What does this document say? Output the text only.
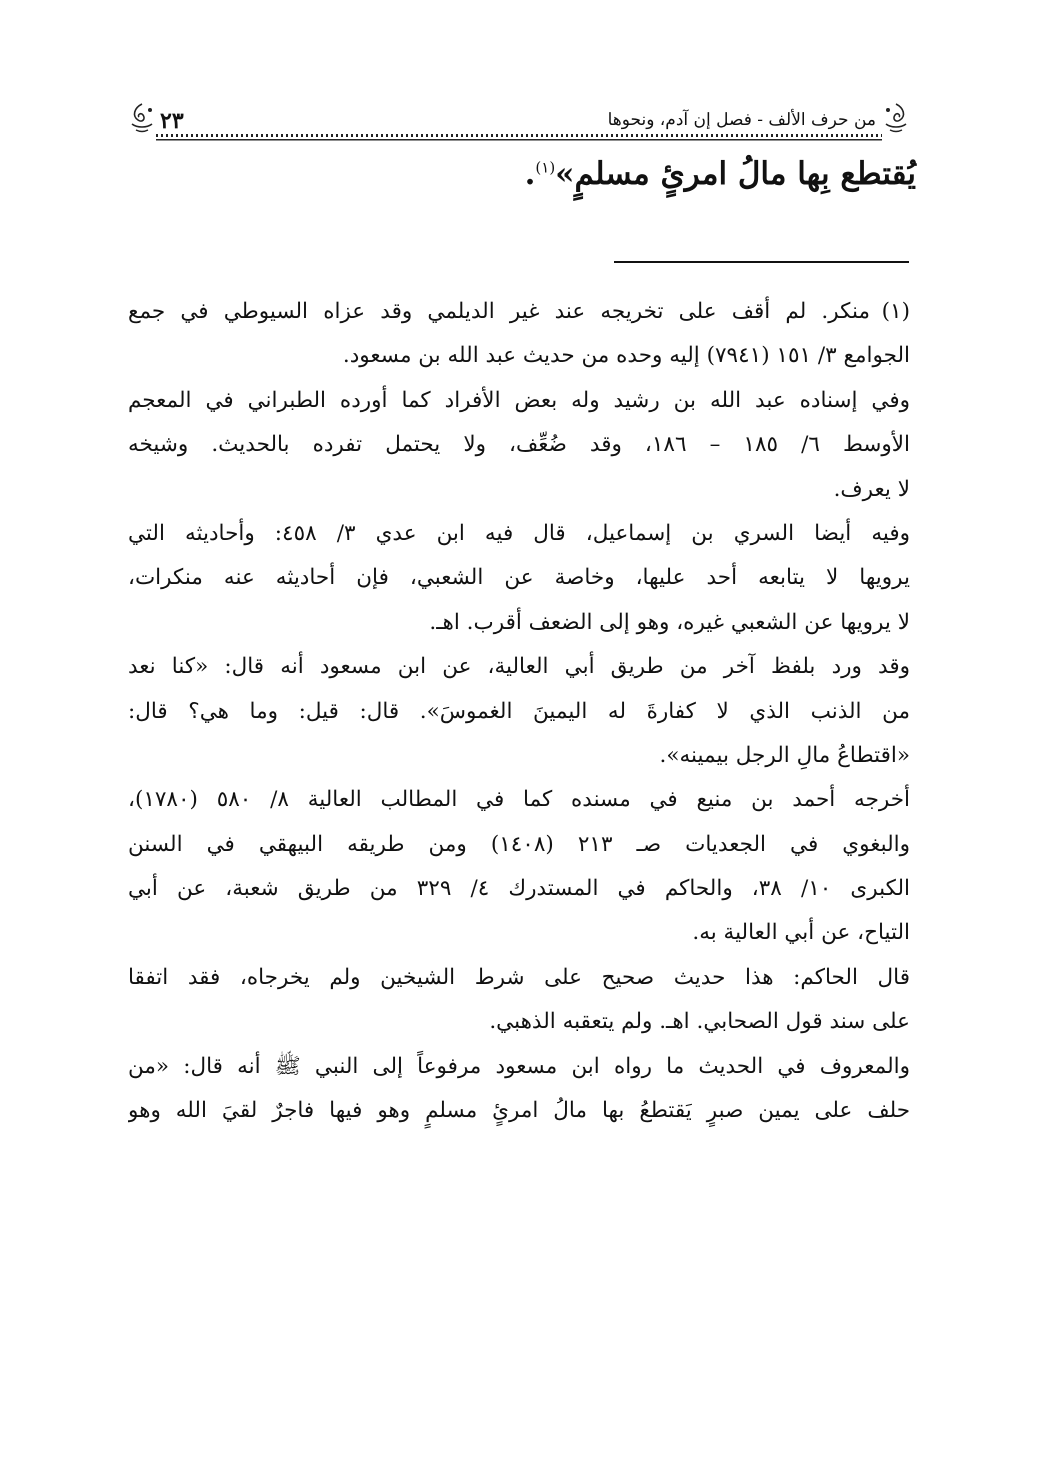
٢٣	من حرف الألف - فصل إن آدم، ونحوها
يُقتطع بِها مالُ امرئٍ مسلمٍ»$^{(١)}$.
(١)
منكر. لم أقف على تخريجه عند غير الديلمي وقد عزاه السيوطي في جمع
الجوامع ٣/ ١٥١ (٧٩٤١) إليه وحده من حديث عبد الله بن مسعود.
وفي إسناده عبد الله بن رشيد وله بعض الأفراد كما أورده الطبراني في المعجم
الأوسط ٦/ ١٨٥ – ١٨٦، وقد ضُعِّف، ولا يحتمل تفرده بالحديث. وشيخه
لا يعرف.
وفيه أيضا السري بن إسماعيل، قال فيه ابن عدي ٣/ ٤٥٨: وأحاديثه التي
يرويها لا يتابعه أحد عليها، وخاصة عن الشعبي، فإن أحاديثه عنه منكرات،
لا يرويها عن الشعبي غيره، وهو إلى الضعف أقرب. اهـ.
وقد ورد بلفظ آخر من طريق أبي العالية، عن ابن مسعود أنه قال: «كنا نعد
من الذنب الذي لا كفارةَ له اليمينَ الغموسَ». قال: قيل: وما هي؟ قال:
«اقتطاعُ مالِ الرجل بيمينه».
أخرجه أحمد بن منيع في مسنده كما في المطالب العالية ٨/ ٥٨٠ (١٧٨٠)،
والبغوي في الجعديات صـ ٢١٣ (١٤٠٨) ومن طريقه البيهقي في السنن
الكبرى ١٠/ ٣٨، والحاكم في المستدرك ٤/ ٣٢٩ من طريق شعبة، عن أبي
التياح، عن أبي العالية به.
قال الحاكم: هذا حديث صحيح على شرط الشيخين ولم يخرجاه، فقد اتفقا
على سند قول الصحابي. اهـ. ولم يتعقبه الذهبي.
والمعروف في الحديث ما رواه ابن مسعود مرفوعاً إلى النبي ﷺ أنه قال: «من
حلف على يمين صبرٍ يَقتطعُ بها مالُ امرئٍ مسلمٍ وهو فيها فاجرٌ لقيَ الله وهو
